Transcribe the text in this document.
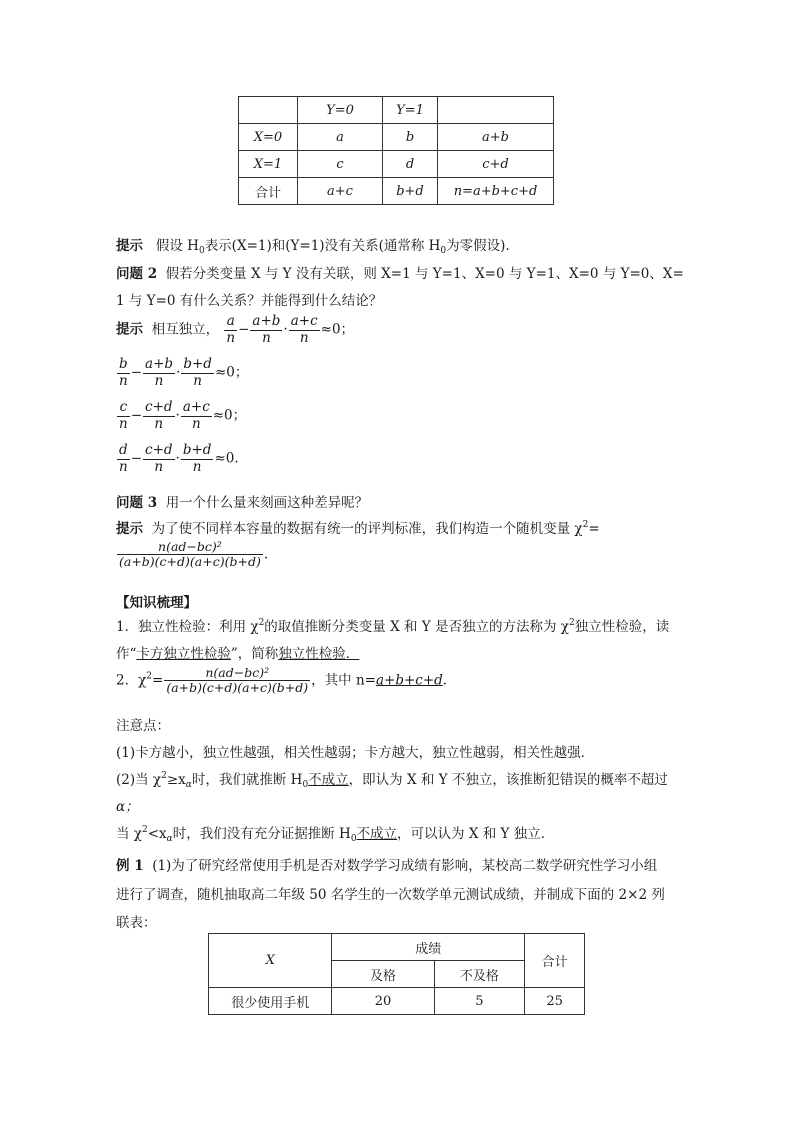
	Y=0	Y=1	
X=0	a	b	a+b
X=1	c	d	c+d
合计	a+c	b+d	n=a+b+c+d
提示 假设 $H_0$表示(X=1)和(Y=1)没有关系(通常称 $H_0$为零假设).
问题 2 假若分类变量 X 与 Y 没有关联，则 X=1 与 Y=1、X=0 与 Y=1、X=0 与 Y=0、X=
1 与 Y=0 有什么关系？并能得到什么结论？
提示 相互独立， $\frac{a}{n} - \frac{a+b}{n} \cdot \frac{a+c}{n} \approx 0$；
$\frac{b}{n} - \frac{a+b}{n} \cdot \frac{b+d}{n} \approx 0$；
$\frac{c}{n} - \frac{c+d}{n} \cdot \frac{a+c}{n} \approx 0$；
$\frac{d}{n} - \frac{c+d}{n} \cdot \frac{b+d}{n} \approx 0$.
问题 3 用一个什么量来刻画这种差异呢？
提示 为了使不同样本容量的数据有统一的评判标准，我们构造一个随机变量 $\chi^2=$
$\frac{\text{n(ad−bc)²}}{(a+b)(c+d)(a+c)(b+d)}$ .
【知识梳理】
1．独立性检验：利用 $\chi^2$的取值推断分类变量 X 和 Y 是否独立的方法称为 $\chi^2$独立性检验，读
作“卡方独立性检验”，简称独立性检验．
2．$\chi^2= \frac{\text{n(ad−bc)²}}{(a+b)(c+d)(a+c)(b+d)}$ ，其中 n=a+b+c+d.
注意点：
(1)卡方越小，独立性越强，相关性越弱；卡方越大，独立性越弱，相关性越强．
(2)当 $\chi^2\ge x_\alpha$时，我们就推断 $H_0$不成立，即认为 X 和 Y 不独立，该推断犯错误的概率不超过
α；
当 $\chi^2<x_\alpha$时，我们没有充分证据推断 $H_0$不成立，可以认为 X 和 Y 独立．
例 1 (1)为了研究经常使用手机是否对数学学习成绩有影响，某校高二数学研究性学习小组
进行了调查，随机抽取高二年级 50 名学生的一次数学单元测试成绩，并制成下面的 2×2 列
联表：
X	成绩		合计
	及格	不及格	
很少使用手机	20	5	25
